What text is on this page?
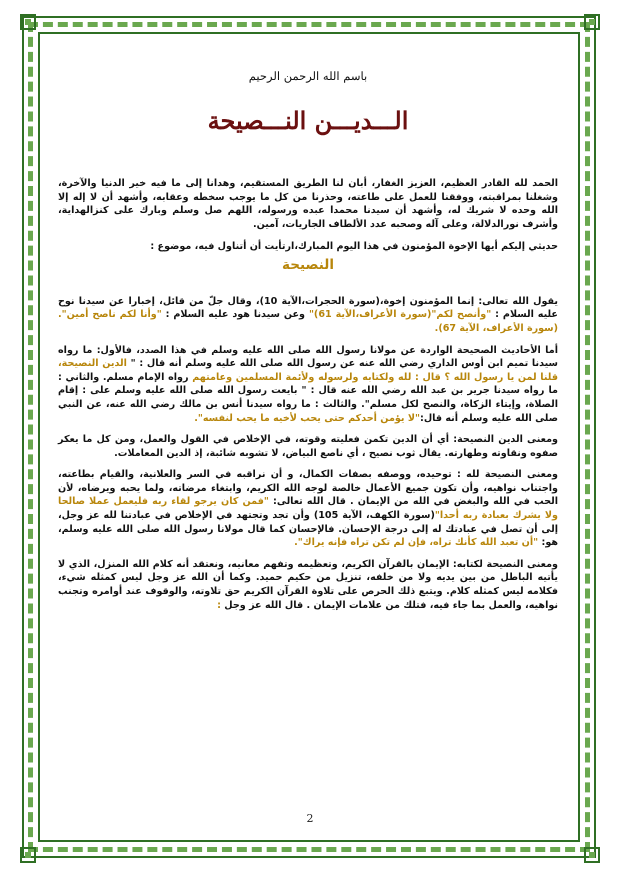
باسم الله الرحمن الرحيم
الـــديـــن النـــصيحة

الحمد لله القادر العظيم، العزيز الغفار، أبان لنا الطريق المستقيم، وهدانا إلى ما فيه خير الدنيا والآخرة، وشغلنا بمراقبته، ووفقنا للعمل على طاعته، وحذرنا من كل ما يوجب سخطه وعقابه، وأشهد أن لا إله إلا الله وحده لا شريك له، وأشهد أن سيدنا محمدا عبده ورسوله، اللهم صل وسلم وبارك على كنزالهداية، وأشرف نورالدلالة، وعلى آله وصحبه عدد الألطاف الجاريات، آمين.

حديثي إليكم أيها الإخوة المؤمنون في هذا اليوم المبارك،ارتأيت أن أتناول فيه، موضوع :

النصيحة

يقول الله تعالى: إنما المؤمنون إخوة،(سورة الحجرات،الآية 10)، وقال جلّ من قائل، إخبارا عن سيدنا نوح عليه السلام : "وأنصح لكم"(سورة الأعراف،الآية 61)" وعن سيدنا هود عليه السلام : "وأنا لكم ناصح أمين".(سورة الأعراف، الآية 67).

أما الأحاديث الصحيحة الواردة عن مولانا رسول الله صلى الله عليه وسلم في هذا الصدد، فالأول: ما رواه سيدنا تميم ابن أوس الداري رضي الله عنه عن رسول الله صلى الله عليه وسلم أنه قال : " الدين النصيحة، قلنا لمن يا رسول الله ؟ قال : لله ولكتابه ولرسوله ولأئمة المسلمين وعامتهم رواه الإمام مسلم. والثاني : ما رواه سيدنا جرير بن عبد الله رضي الله عنه قال : " بايعت رسول الله صلى الله عليه وسلم على : إقام الصلاة، وإيتاء الزكاة، والنصح لكل مسلم". والثالث : ما رواه سيدنا أنس بن مالك رضي الله عنه، عن النبي صلى الله عليه وسلم أنه قال:"لا يؤمن أحدكم حتى يحب لأخيه ما يحب لنفسه".

ومعنى الدين النصيحة: أي أن الدين تكمن فعليته وقوته، في الإخلاص في القول والعمل، ومن كل ما يعكر صفوه ونقاوته وطهارته. يقال ثوب نصيح ، أي ناصع البياض، لا تشوبه شائبة، إذ الدين المعاملات.

ومعنى النصيحة لله : توحيده، ووصفه بصفات الكمال، و أن نراقبه في السر والعلانية، والقيام بطاعته، واجتناب نواهيه، وأن تكون جميع الأعمال خالصة لوجه الله الكريم، وابتغاء مرضاته، ولما يحبه ويرضاه، لأن الحب في الله والبغض في الله من الإيمان . قال الله تعالى: "فمن كان يرجو لقاء ربه فليعمل عملا صالحا ولا يشرك بعبادة ربه أحدا"(سورة الكهف، الآية 105) وأن تجد وتجتهد في الإخلاص في عبادتنا لله عز وجل، إلى أن تصل في عبادتك له إلى درجة الإحسان. فالإحسان كما قال مولانا رسول الله صلى الله عليه وسلم، هو: "أن تعبد الله كأنك تراه، فإن لم تكن تراه فإنه يراك".

ومعنى النصيحة لكتابه: الإيمان بالقرآن الكريم، وتعظيمه وتفهم معانيه، ونعتقد أنه كلام الله المنزل، الذي لا يأتيه الباطل من بين يديه ولا من خلفه، تنزيل من حكيم حميد. وكما أن الله عز وجل ليس كمثله شيء، فكلامه ليس كمثله كلام. ويتبع ذلك الحرص على تلاوة القرآن الكريم حق تلاوته، والوقوف عند أوامره وتجنب نواهيه، والعمل بما جاء فيه، فتلك من علامات الإيمان . قال الله عز وجل :

2
